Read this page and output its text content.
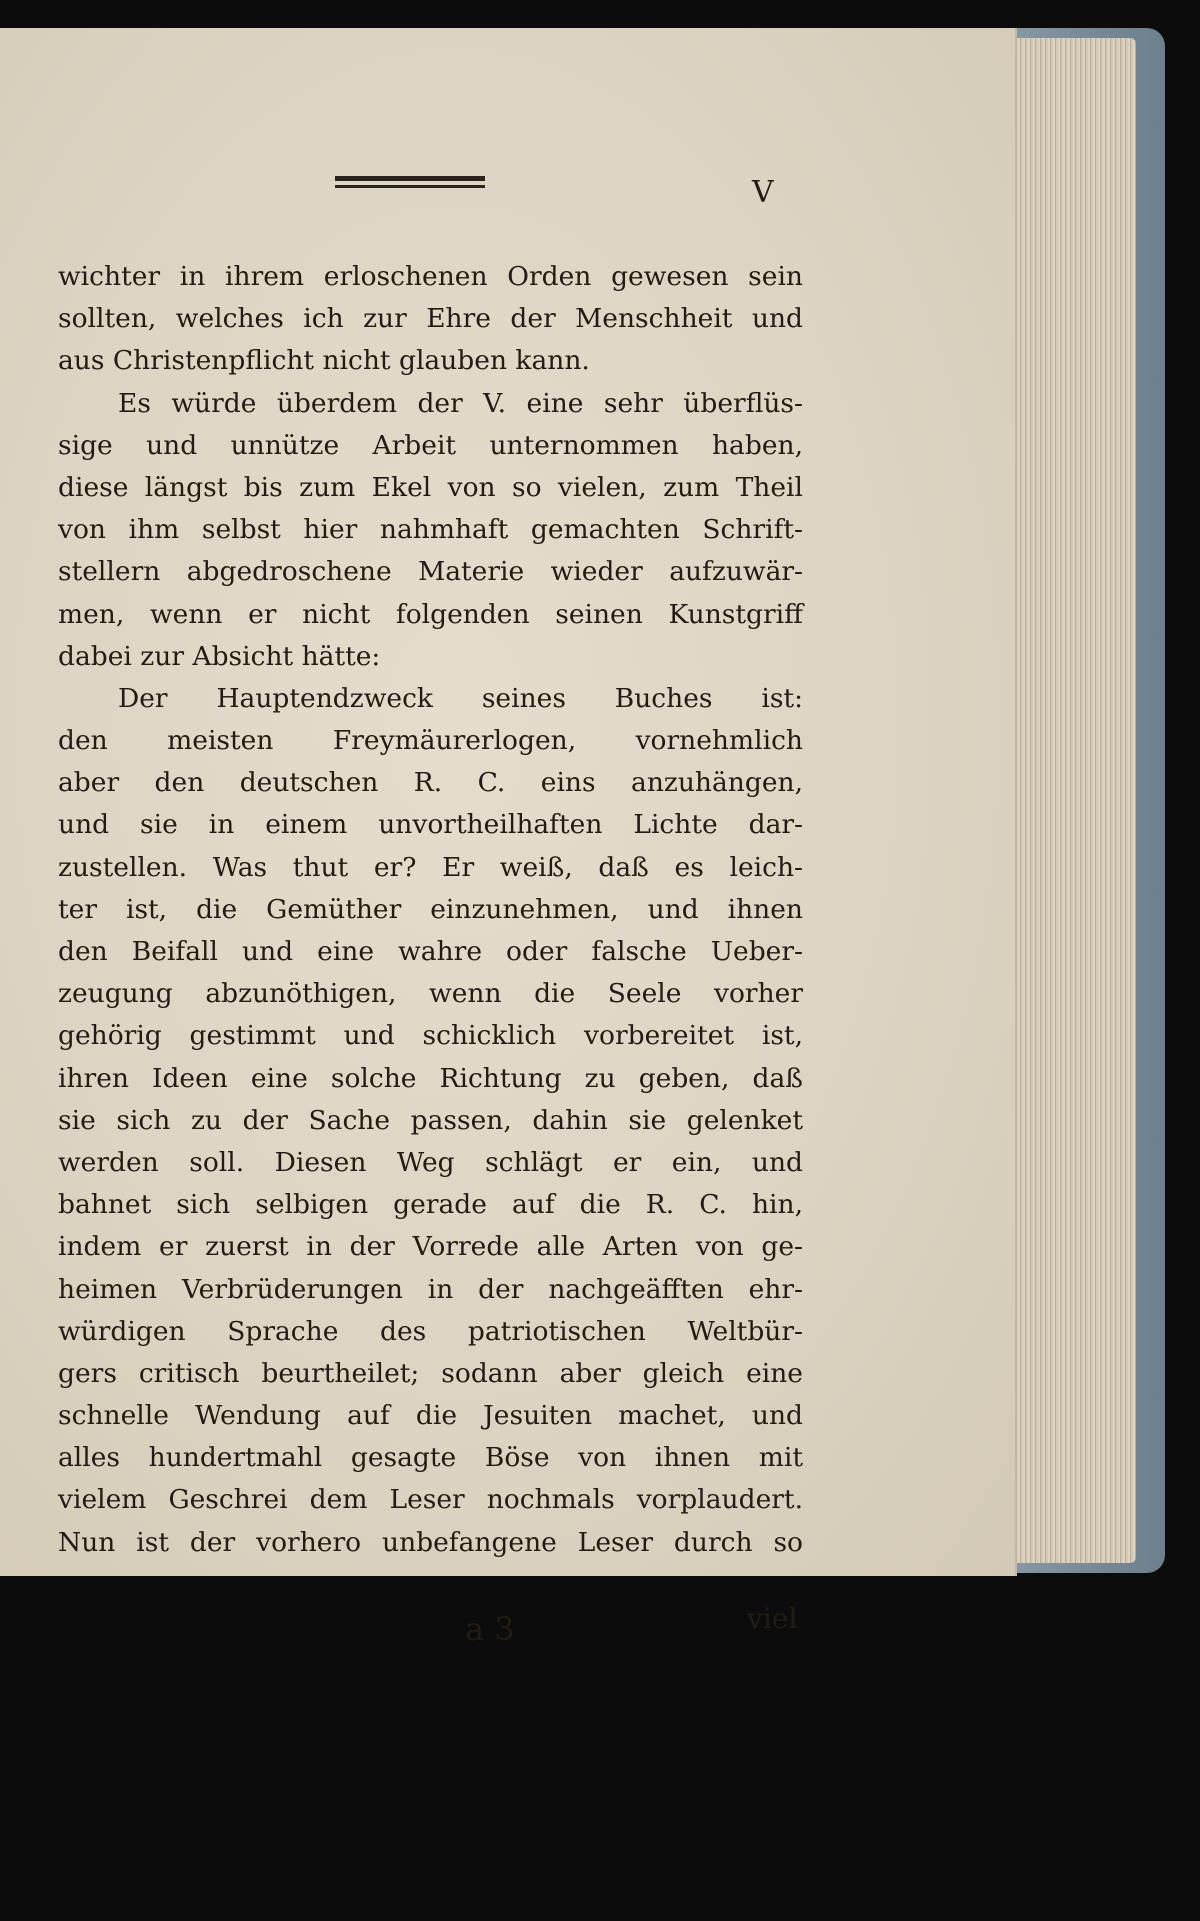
V
wichter in ihrem erloschenen Orden gewesen sein
sollten, welches ich zur Ehre der Menschheit und
aus Christenpflicht nicht glauben kann.
Es würde überdem der V. eine sehr überflüs-
sige und unnütze Arbeit unternommen haben,
diese längst bis zum Ekel von so vielen, zum Theil
von ihm selbst hier nahmhaft gemachten Schrift-
stellern abgedroschene Materie wieder aufzuwär-
men, wenn er nicht folgenden seinen Kunstgriff
dabei zur Absicht hätte:
Der Hauptendzweck seines Buches ist:
den meisten Freymäurerlogen, vornehmlich
aber den deutschen R. C. eins anzuhängen,
und sie in einem unvortheilhaften Lichte dar-
zustellen. Was thut er? Er weiß, daß es leich-
ter ist, die Gemüther einzunehmen, und ihnen
den Beifall und eine wahre oder falsche Ueber-
zeugung abzunöthigen, wenn die Seele vorher
gehörig gestimmt und schicklich vorbereitet ist,
ihren Ideen eine solche Richtung zu geben, daß
sie sich zu der Sache passen, dahin sie gelenket
werden soll. Diesen Weg schlägt er ein, und
bahnet sich selbigen gerade auf die R. C. hin,
indem er zuerst in der Vorrede alle Arten von ge-
heimen Verbrüderungen in der nachgeäfften ehr-
würdigen Sprache des patriotischen Weltbür-
gers critisch beurtheilet; sodann aber gleich eine
schnelle Wendung auf die Jesuiten machet, und
alles hundertmahl gesagte Böse von ihnen mit
vielem Geschrei dem Leser nochmals vorplaudert.
Nun ist der vorhero unbefangene Leser durch so
a 3	viel
